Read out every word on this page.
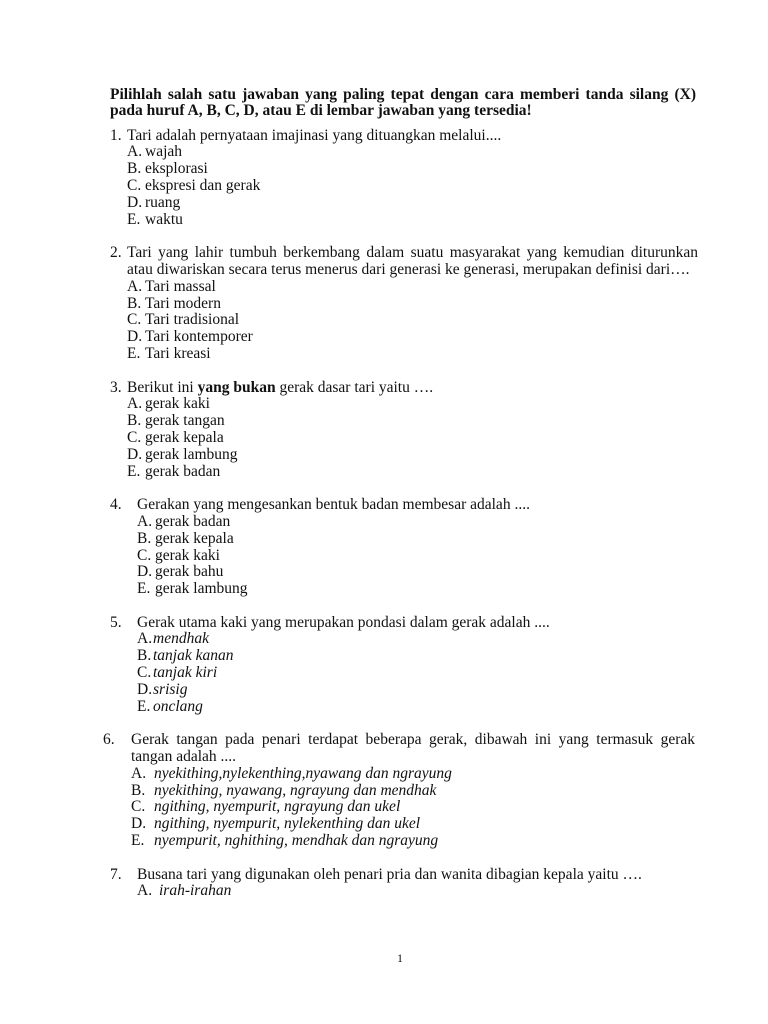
Pilihlah salah satu jawaban yang paling tepat dengan cara memberi tanda silang (X) pada huruf A, B, C, D, atau E di lembar jawaban yang tersedia!
1. Tari adalah pernyataan imajinasi yang dituangkan melalui....
A. wajah
B. eksplorasi
C. ekspresi dan gerak
D. ruang
E. waktu
2. Tari yang lahir tumbuh berkembang dalam suatu masyarakat yang kemudian diturunkan atau diwariskan secara terus menerus dari generasi ke generasi, merupakan definisi dari….
A. Tari massal
B. Tari modern
C. Tari tradisional
D. Tari kontemporer
E. Tari kreasi
3. Berikut ini yang bukan gerak dasar tari yaitu ….
A. gerak kaki
B. gerak tangan
C. gerak kepala
D. gerak lambung
E. gerak badan
4. Gerakan yang mengesankan bentuk badan membesar adalah ....
A. gerak badan
B. gerak kepala
C. gerak kaki
D. gerak bahu
E. gerak lambung
5. Gerak utama kaki yang merupakan pondasi dalam gerak adalah ....
A.mendhak
B. tanjak kanan
C. tanjak kiri
D.srisig
E. onclang
6. Gerak tangan pada penari terdapat beberapa gerak, dibawah ini yang termasuk gerak tangan adalah ....
A. nyekithing,nylekenthing,nyawang dan ngrayung
B. nyekithing, nyawang, ngrayung dan mendhak
C. ngithing, nyempurit, ngrayung dan ukel
D. ngithing, nyempurit, nylekenthing dan ukel
E. nyempurit, nghithing, mendhak dan ngrayung
7. Busana tari yang digunakan oleh penari pria dan wanita dibagian kepala yaitu ….
A. irah-irahan
1
